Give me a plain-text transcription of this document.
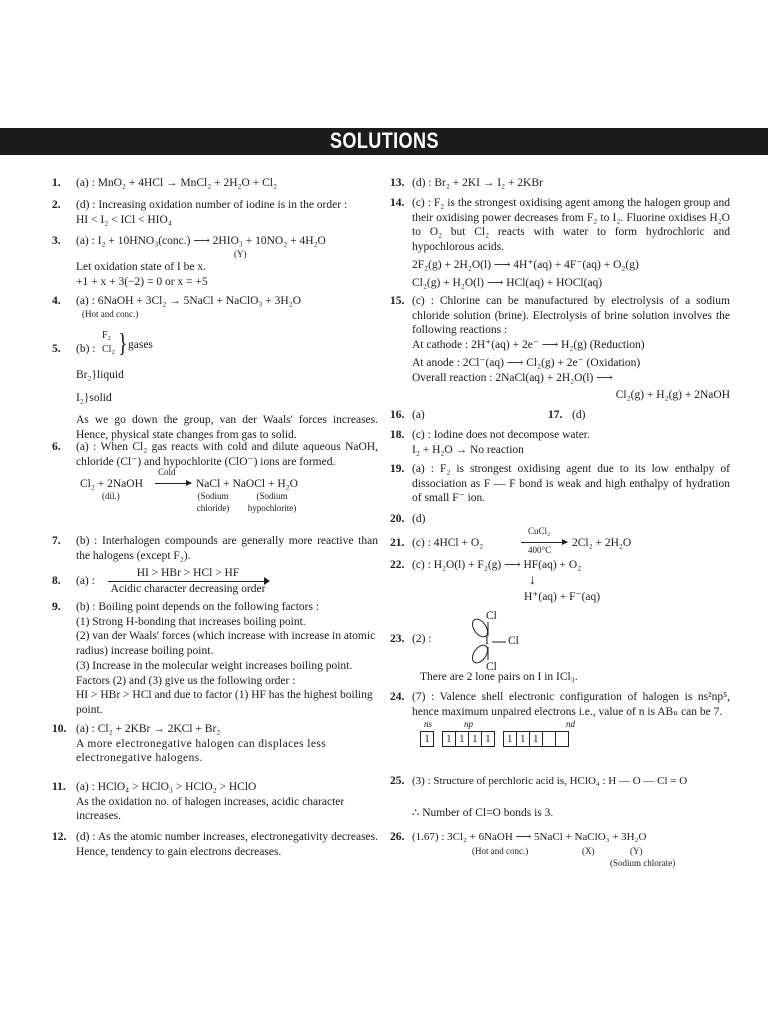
SOLUTIONS
1. (a) : MnO₂ + 4HCl → MnCl₂ + 2H₂O + Cl₂
2. (d) : Increasing oxidation number of iodine is in the order :
HI < I₂ < ICl < HIO₄
3. (a) : I₂ + 10HNO₃(conc.) ⟶ 2HIO₃ + 10NO₂ + 4H₂O
(Y)
Let oxidation state of I be x.
+1 + x + 3(−2) = 0 or x = +5
4. (a) : 6NaOH + 3Cl₂ → 5NaCl + NaClO₃ + 3H₂O
(Hot and conc.)
5. (b) :
F₂
Cl₂ } gases
Br₂}liquid
I₂}solid
As we go down the group, van der Waals' forces increases. Hence, physical state changes from gas to solid.
6. (a) : When Cl₂ gas reacts with cold and dilute aqueous NaOH, chloride (Cl⁻) and hypochlorite (ClO⁻) ions are formed.
Cl₂ + 2NaOH
(dil.)
Cold
→ NaCl + NaOCl + H₂O
(Sodium chloride)
(Sodium hypochlorite)
7. (b) : Interhalogen compounds are generally more reactive than the halogens (except F₂).
8. (a) :
HI > HBr > HCl > HF
Acidic character decreasing order
9. (b) : Boiling point depends on the following factors :
(1) Strong H-bonding that increases boiling point.
(2) van der Waals' forces (which increase with increase in atomic radius) increase boiling point.
(3) Increase in the molecular weight increases boiling point. Factors (2) and (3) give us the following order :
HI > HBr > HCl and due to factor (1) HF has the highest boiling point.
10. (a) : Cl₂ + 2KBr → 2KCl + Br₂
A more electronegative halogen can displaces less electronegative halogens.
11. (a) : HClO₄ > HClO₃ > HClO₂ > HClO
As the oxidation no. of halogen increases, acidic character increases.
12. (d) : As the atomic number increases, electronegativity decreases. Hence, tendency to gain electrons decreases.
13. (d) : Br₂ + 2KI → I₂ + 2KBr
14. (c) : F₂ is the strongest oxidising agent among the halogen group and their oxidising power decreases from F₂ to I₂. Fluorine oxidises H₂O to O₂ but Cl₂ reacts with water to form hydrochloric and hypochlorous acids.
2F₂(g) + 2H₂O(l) ⟶ 4H⁺(aq) + 4F⁻(aq) + O₂(g)
Cl₂(g) + H₂O(l) ⟶ HCl(aq) + HOCl(aq)
15. (c) : Chlorine can be manufactured by electrolysis of a sodium chloride solution (brine). Electrolysis of brine solution involves the following reactions :
At cathode : 2H⁺(aq) + 2e⁻ ⟶ H₂(g) (Reduction)
At anode : 2Cl⁻(aq) ⟶ Cl₂(g) + 2e⁻ (Oxidation)
Overall reaction : 2NaCl(aq) + 2H₂O(l) ⟶
Cl₂(g) + H₂(g) + 2NaOH
16. (a)	17. (d)
18. (c) : Iodine does not decompose water.
I₂ + H₂O → No reaction
19. (a) : F₂ is strongest oxidising agent due to its low enthalpy of dissociation as F — F bond is weak and high enthalpy of hydration of small F⁻ ion.
20. (d)
21. (c) : 4HCl + O₂
CuCl₂
400°C
2Cl₂ + 2H₂O
22. (c) : H₂O(l) + F₂(g) ⟶ HF(aq) + O₂
↓
H⁺(aq) + F⁻(aq)
23. (2) :
Cl
I Cl
Cl
There are 2 lone pairs on I in ICl₃.
24. (7) : Valence shell electronic configuration of halogen is ns²np⁵, hence maximum unpaired electrons i.e., value of n is ABₙ can be 7.
ns	np	nd
1 1 1 1 1 1 1 1
25. (3) : Structure of perchloric acid is, HClO₄ : H — O — Cl = O
∴ Number of Cl=O bonds is 3.
26. (1.67) : 3Cl₂ + 6NaOH ⟶ 5NaCl + NaClO₃ + 3H₂O
(Hot and conc.)	(X)	(Y)
(Sodium chlorate)
